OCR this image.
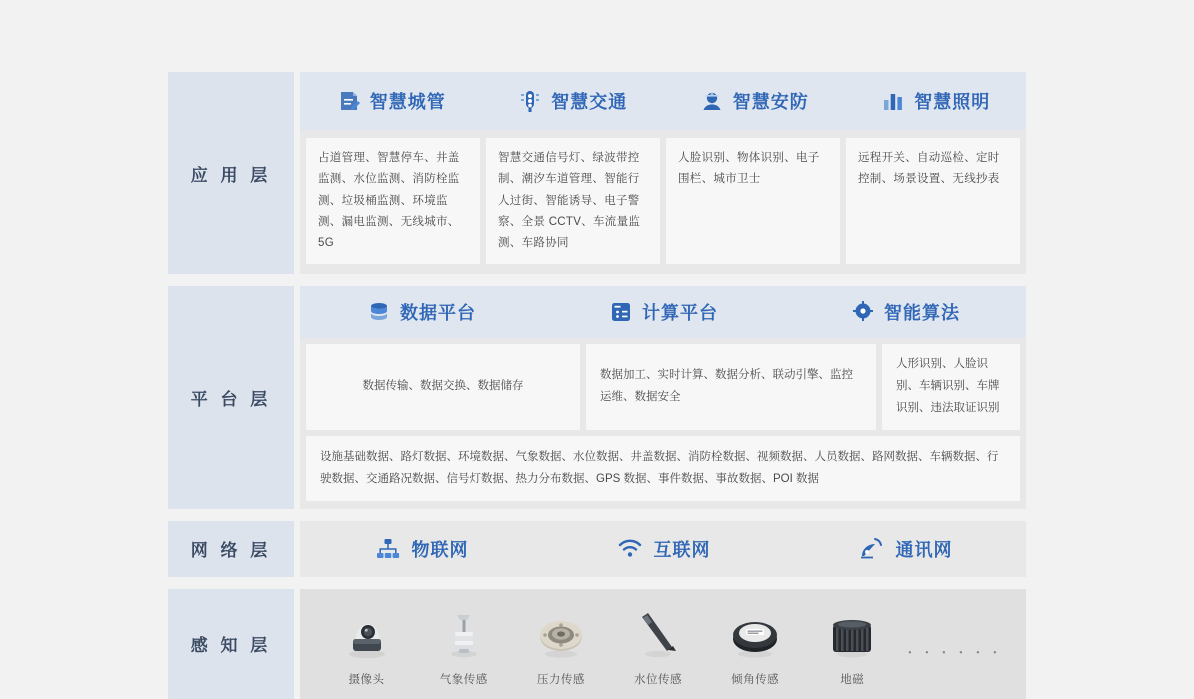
应 用 层
智慧城管	智慧交通	智慧安防	智慧照明
占道管理、智慧停车、井盖监测、水位监测、消防栓监测、垃圾桶监测、环境监测、漏电监测、无线城市、5G
智慧交通信号灯、绿波带控制、潮汐车道管理、智能行人过街、智能诱导、电子警察、全景 CCTV、车流量监测、车路协同
人脸识别、物体识别、电子围栏、城市卫士
远程开关、自动巡检、定时控制、场景设置、无线抄表
平 台 层
数据平台	计算平台	智能算法
数据传输、数据交换、数据储存
数据加工、实时计算、数据分析、联动引擎、监控运维、数据安全
人形识别、人脸识别、车辆识别、车牌识别、违法取证识别
设施基础数据、路灯数据、环境数据、气象数据、水位数据、井盖数据、消防栓数据、视频数据、人员数据、路网数据、车辆数据、行驶数据、交通路况数据、信号灯数据、热力分布数据、GPS 数据、事件数据、事故数据、POI 数据
网 络 层	物联网	互联网	通讯网
感 知 层
摄像头	气象传感	压力传感	水位传感	倾角传感	地磁
・・・・・・
